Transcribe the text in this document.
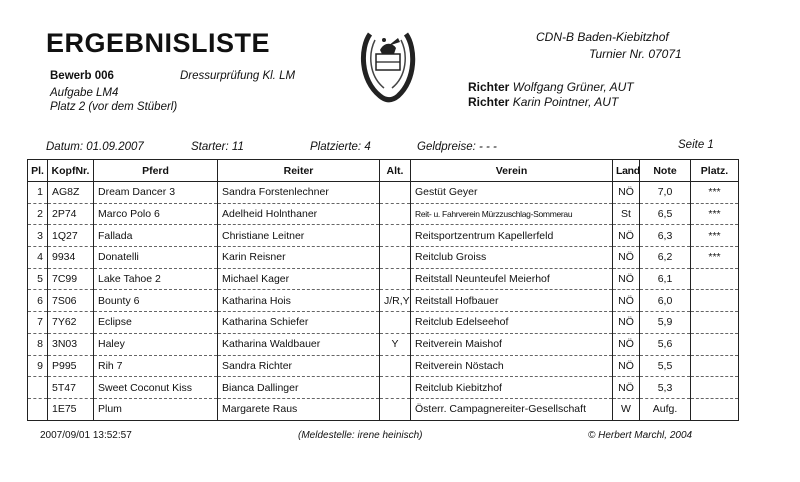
ERGEBNISLISTE
Bewerb 006	Dressurprüfung Kl. LM
Aufgabe LM4
Platz 2 (vor dem Stüberl)
CDN-B Baden-Kiebitzhof
Turnier Nr. 07071
Richter Wolfgang Grüner, AUT
Richter Karin Pointner, AUT
Datum: 01.09.2007	Starter: 11	Platzierte: 4	Geldpreise: - - -	Seite 1
Pl.	KopfNr.	Pferd	Reiter	Alt.	Verein	Land	Note	Platz.
1	AG8Z	Dream Dancer 3	Sandra Forstenlechner		Gestüt Geyer	NÖ	7,0	***
2	2P74	Marco Polo 6	Adelheid Holnthaner		Reit- u. Fahrverein Mürzzuschlag-Sommerau	St	6,5	***
3	1Q27	Fallada	Christiane Leitner		Reitsportzentrum Kapellerfeld	NÖ	6,3	***
4	9934	Donatelli	Karin Reisner		Reitclub Groiss	NÖ	6,2	***
5	7C99	Lake Tahoe 2	Michael Kager		Reitstall Neunteufel Meierhof	NÖ	6,1	
6	7S06	Bounty 6	Katharina Hois	J/R,Y	Reitstall Hofbauer	NÖ	6,0	
7	7Y62	Eclipse	Katharina Schiefer		Reitclub Edelseehof	NÖ	5,9	
8	3N03	Haley	Katharina Waldbauer	Y	Reitverein Maishof	NÖ	5,6	
9	P995	Rih 7	Sandra Richter		Reitverein Nöstach	NÖ	5,5	
	5T47	Sweet Coconut Kiss	Bianca Dallinger		Reitclub Kiebitzhof	NÖ	5,3	
	1E75	Plum	Margarete Raus		Österr. Campagnereiter-Gesellschaft	W	Aufg.	
2007/09/01 13:52:57	(Meldestelle: irene heinisch)	© Herbert Marchl, 2004
